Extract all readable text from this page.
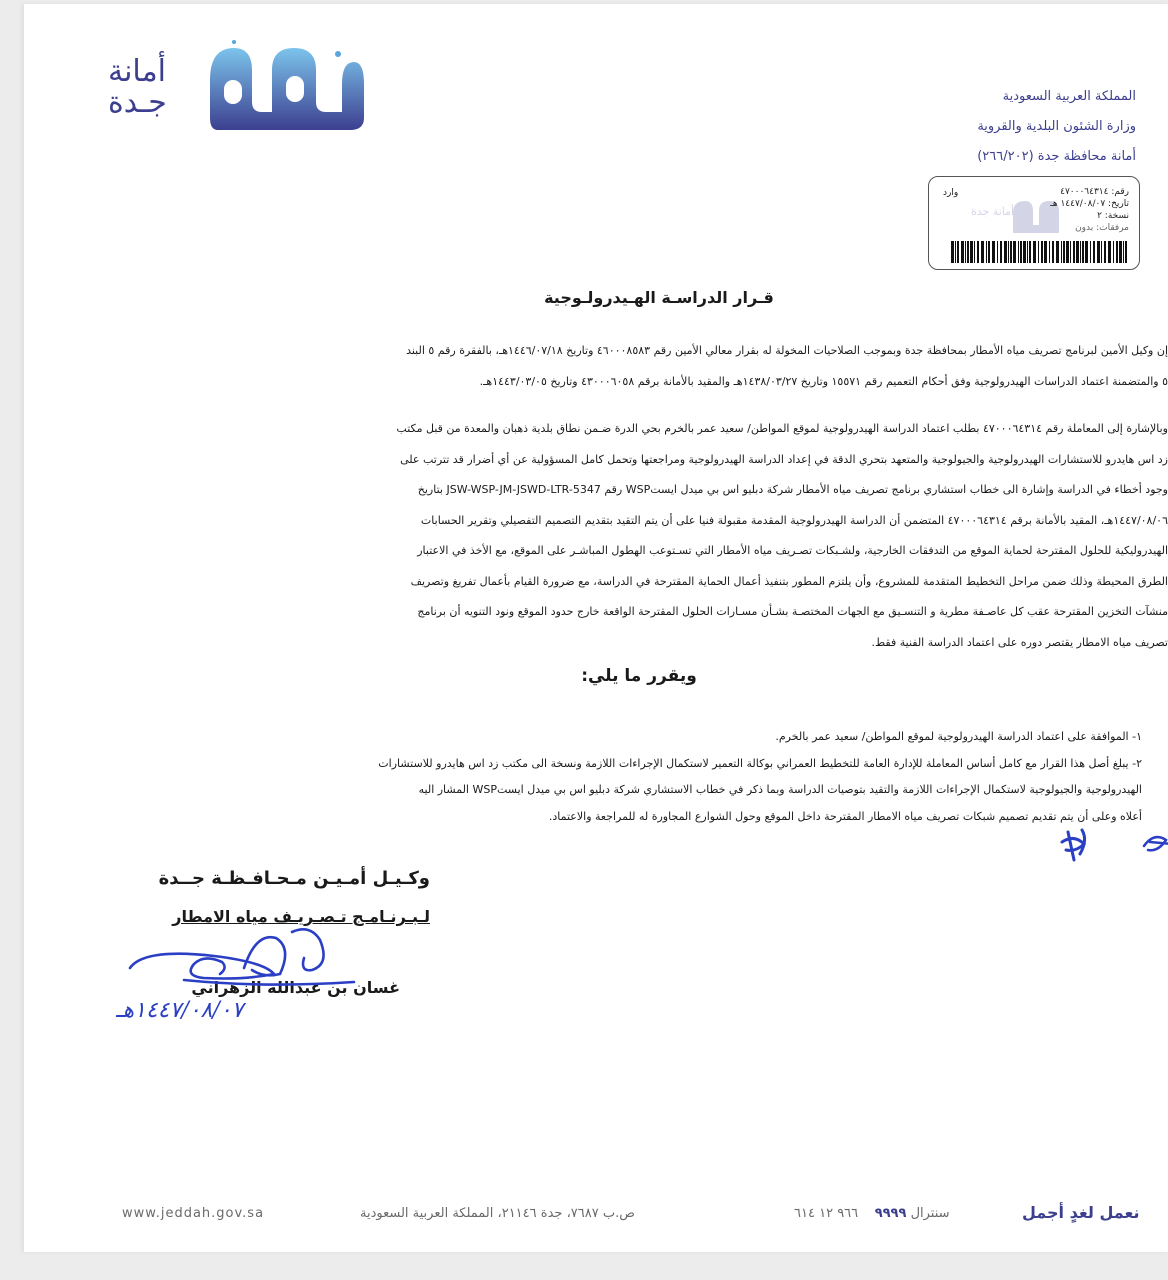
أمانة
جـدة	المملكة العربية السعودية
وزارة الشئون البلدية والقروية
أمانة محافظة جدة (٢٦٦/٢٠٢)
أمانة جدة
وارد	رقم: ٤٧٠٠٠٦٤٣١٤
تاريخ: ١٤٤٧/٠٨/٠٧ هـ
نسخة: ٢
مرفقات: بدون
قـرار الدراسـة الهـيدرولـوجية
إن وكيل الأمين لبرنامج تصريف مياه الأمطار بمحافظة جدة وبموجب الصلاحيات المخولة له بقرار معالي الأمين رقم ٤٦٠٠٠٨٥٨٣ وتاريخ ١٤٤٦/٠٧/١٨هـ، بالفقرة رقم ٥ البند
٥ والمتضمنة اعتماد الدراسات الهيدرولوجية وفق أحكام التعميم رقم ١٥٥٧١ وتاريخ ١٤٣٨/٠٣/٢٧هـ والمقيد بالأمانة برقم ٤٣٠٠٠٦٠٥٨ وتاريخ ١٤٤٣/٠٣/٠٥هـ.
وبالإشارة إلى المعاملة رقم ٤٧٠٠٠٦٤٣١٤ بطلب اعتماد الدراسة الهيدرولوجية لموقع المواطن/ سعيد عمر بالخرم بحي الدرة ضـمن نطاق بلدية ذهبان والمعدة من قبل مكتب
زد اس هايدرو للاستشارات الهيدرولوجية والجيولوجية والمتعهد بتحري الدقة في إعداد الدراسة الهيدرولوجية ومراجعتها وتحمل كامل المسؤولية عن أي أضرار قد تترتب على
وجود أخطاء في الدراسة وإشارة الى خطاب استشاري برنامج تصريف مياه الأمطار شركة دبليو اس بي ميدل ايستWSP رقم JSW-WSP-JM-JSWD-LTR-5347 بتاريخ
١٤٤٧/٠٨/٠٦هـ، المقيد بالأمانة برقم ٤٧٠٠٠٦٤٣١٤ المتضمن أن الدراسة الهيدرولوجية المقدمة مقبولة فنيا على أن يتم التقيد بتقديم التصميم التفصيلي وتقرير الحسابات
الهيدروليكية للحلول المقترحة لحماية الموقع من التدفقات الخارجية، ولشـبكات تصـريف مياه الأمطار التي تسـتوعب الهطول المباشـر على الموقع، مع الأخذ في الاعتبار
الطرق المحيطة وذلك ضمن مراحل التخطيط المتقدمة للمشروع، وأن يلتزم المطور بتنفيذ أعمال الحماية المقترحة في الدراسة، مع ضرورة القيام بأعمال تفريغ وتصريف
منشآت التخزين المقترحة عقب كل عاصـفة مطرية و التنسـيق مع الجهات المختصـة بشـأن مسـارات الحلول المقترحة الواقعة خارج حدود الموقع ونود التنويه أن برنامج
تصريف مياه الامطار يقتصر دوره على اعتماد الدراسة الفنية فقط.
ويقرر ما يلي:
١- الموافقة على اعتماد الدراسة الهيدرولوجية لموقع المواطن/ سعيد عمر بالخرم.
٢- يبلغ أصل هذا القرار مع كامل أساس المعاملة للإدارة العامة للتخطيط العمراني بوكالة التعمير لاستكمال الإجراءات اللازمة ونسخة الى مكتب زد اس هايدرو للاستشارات
الهيدرولوجية والجيولوجية لاستكمال الإجراءات اللازمة والتقيد بتوصيات الدراسة وبما ذكر في خطاب الاستشاري شركة دبليو اس بي ميدل ايستWSP المشار اليه
أعلاه وعلى أن يتم تقديم تصميم شبكات تصريف مياه الامطار المقترحة داخل الموقع وحول الشوارع المجاورة له للمراجعة والاعتماد.
وكـيـل أمـيـن مـحـافـظـة جــدة
لـبـرنـامـج تـصـريـف مياه الامطار
غسان بن عبدالله الزهراني
١٤٤٧/٠٨/٠٧هـ
www.jeddah.gov.sa	ص.ب ٧٦٨٧، جدة ٢١١٤٦، المملكة العربية السعودية	سنترال ٩٩٩٩    ٩٦٦ ١٢ ٦١٤	نعمل لغدٍ أجمل
